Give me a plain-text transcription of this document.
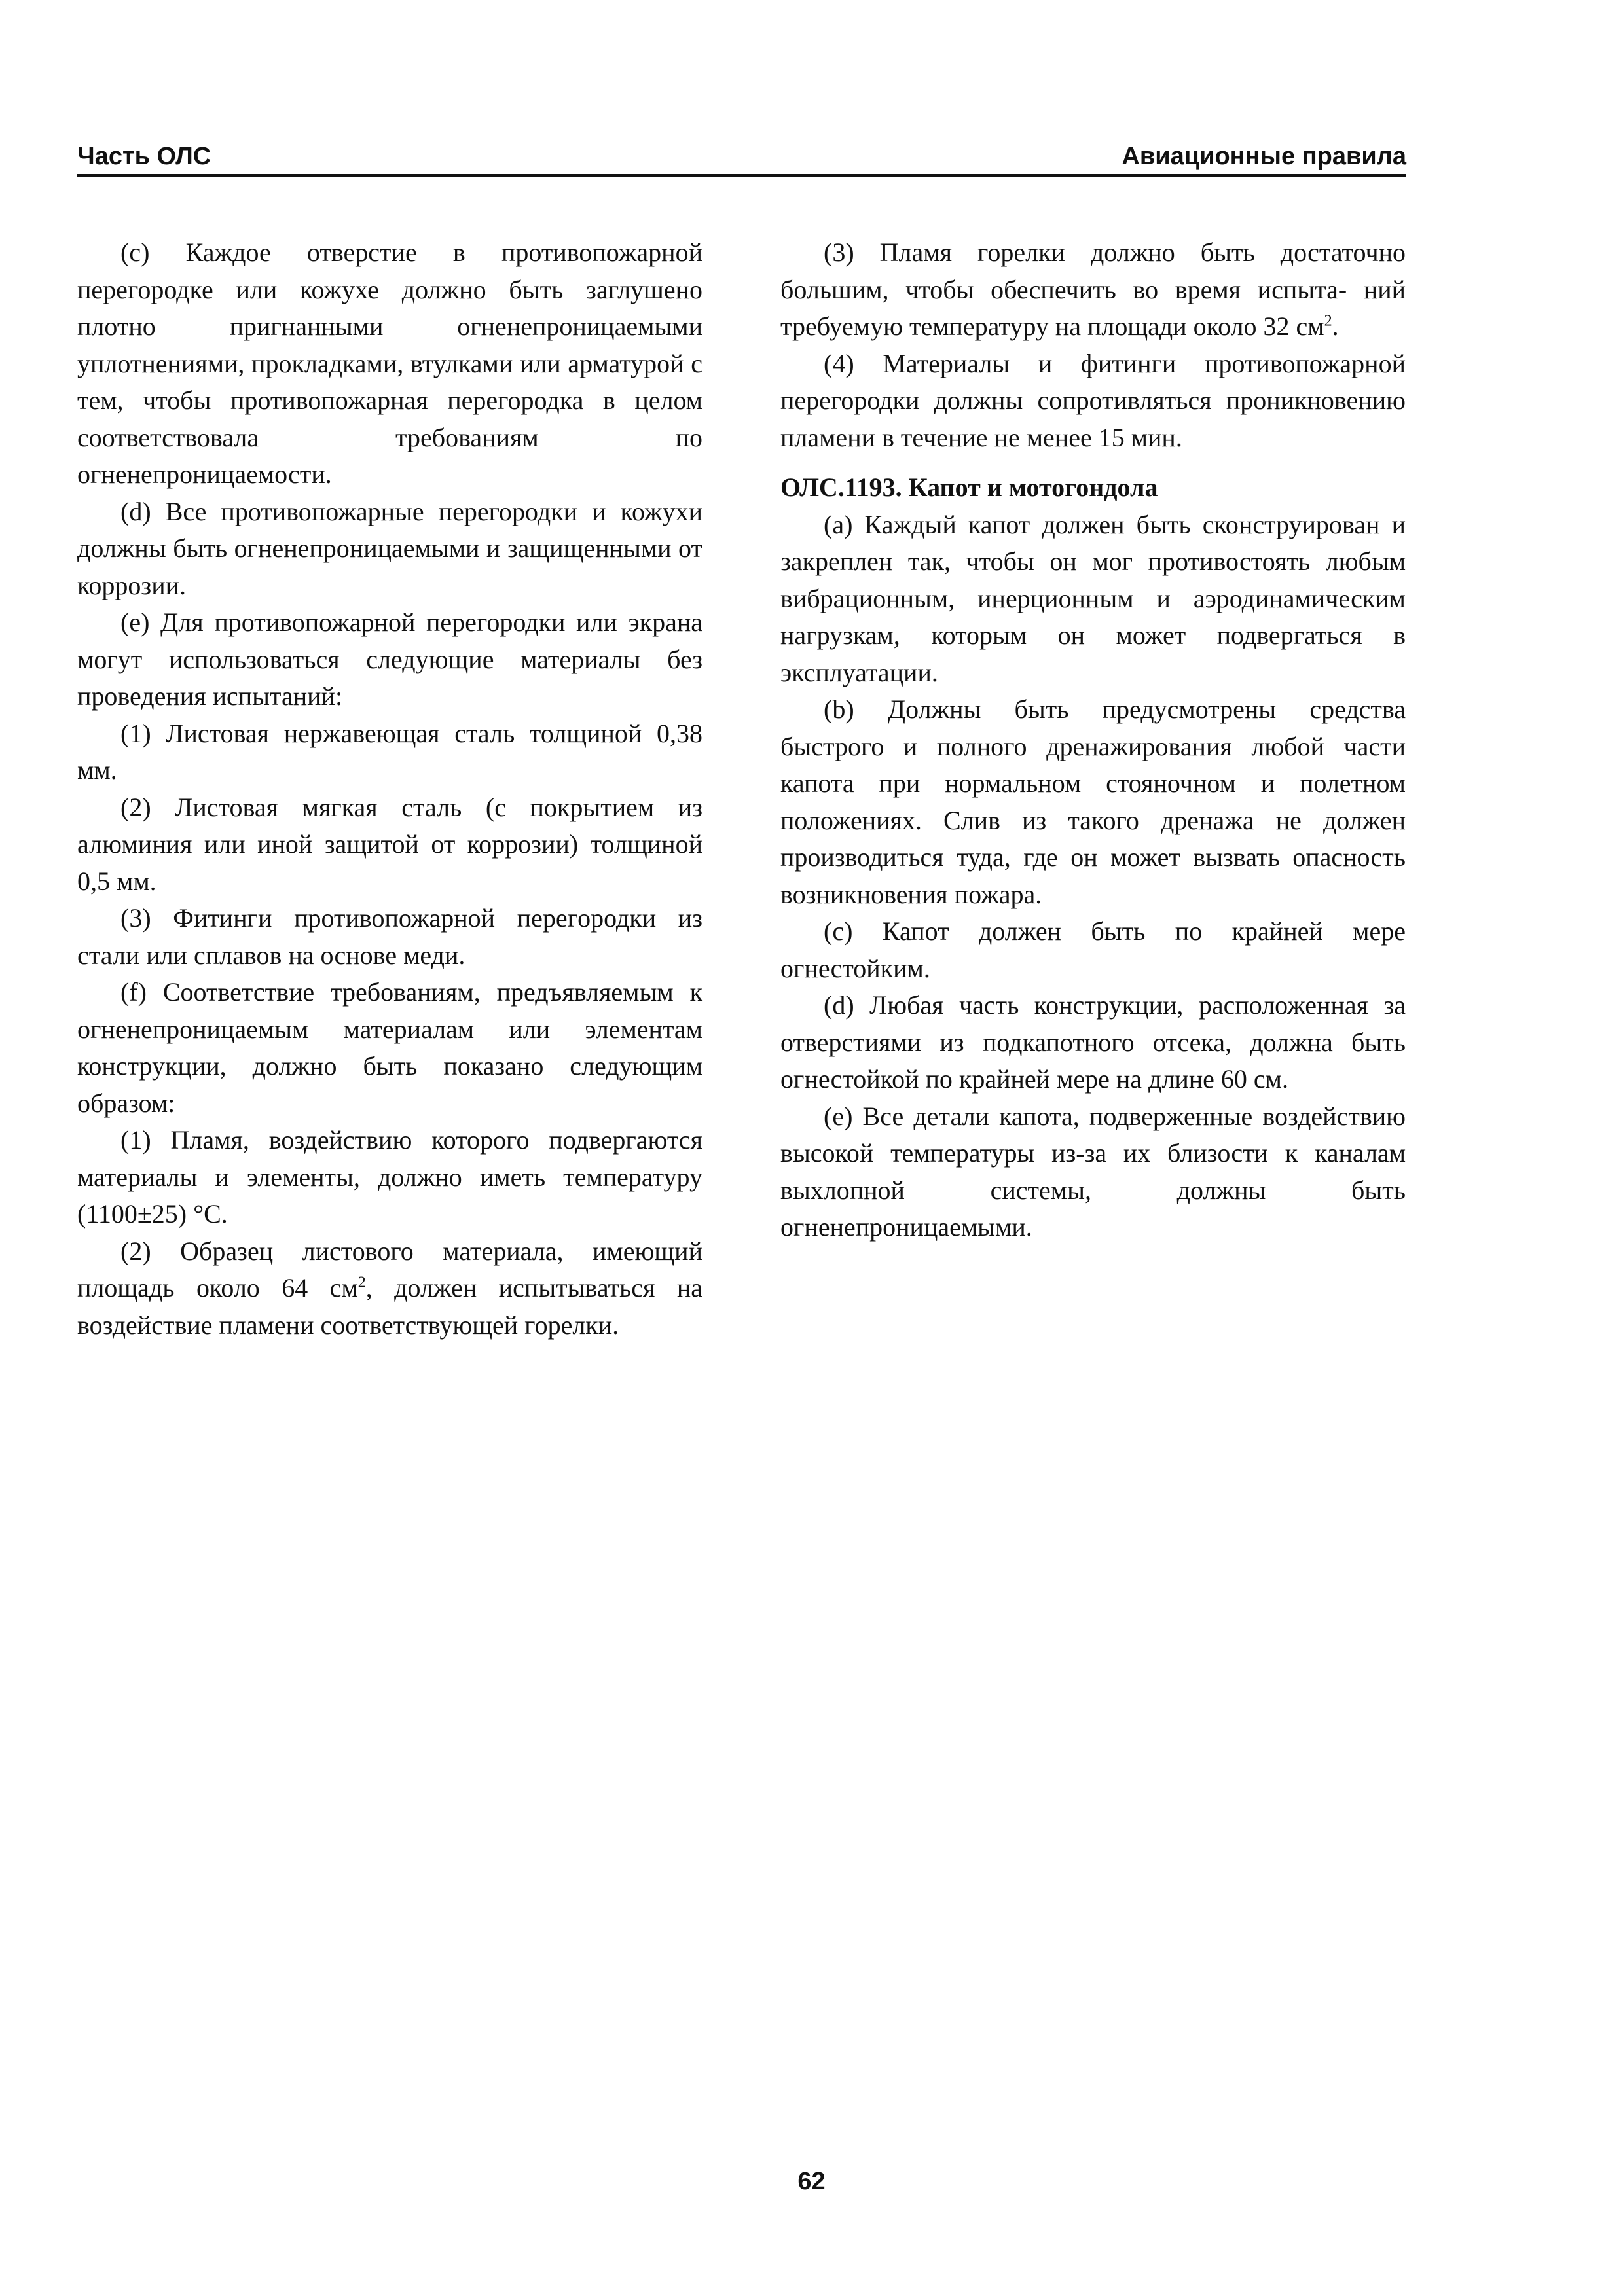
Часть ОЛС	Авиационные правила

(c) Каждое отверстие в противопожарной перегородке или кожухе должно быть заглушено плотно пригнанными огненепроницаемыми уплотнениями, прокладками, втулками или арматурой с тем, чтобы противопожарная перегородка в целом соответствовала требованиям по огненепроницаемости.

(d) Все противопожарные перегородки и кожухи должны быть огненепроницаемыми и защищенными от коррозии.

(e) Для противопожарной перегородки или экрана могут использоваться следующие материалы без проведения испытаний:

(1) Листовая нержавеющая сталь толщиной 0,38 мм.

(2) Листовая мягкая сталь (с покрытием из алюминия или иной защитой от коррозии) толщиной 0,5 мм.

(3) Фитинги противопожарной перегородки из стали или сплавов на основе меди.

(f) Соответствие требованиям, предъявляемым к огненепроницаемым материалам или элементам конструкции, должно быть показано следующим образом:

(1) Пламя, воздействию которого подвергаются материалы и элементы, должно иметь температуру (1100±25) °С.

(2) Образец листового материала, имеющий площадь около 64 $см^2$, должен испытываться на воздействие пламени соответствующей горелки.

(3) Пламя горелки должно быть достаточно большим, чтобы обеспечить во время испыта- ний требуемую температуру на площади около 32 $см^2$.

(4) Материалы и фитинги противопожарной перегородки должны сопротивляться проникновению пламени в течение не менее 15 мин.

ОЛС.1193. Капот и мотогондола

(a) Каждый капот должен быть сконструирован и закреплен так, чтобы он мог противостоять любым вибрационным, инерционным и аэродинамическим нагрузкам, которым он может подвергаться в эксплуатации.

(b) Должны быть предусмотрены средства быстрого и полного дренажирования любой части капота при нормальном стояночном и полетном положениях. Слив из такого дренажа не должен производиться туда, где он может вызвать опасность возникновения пожара.

(c) Капот должен быть по крайней мере огнестойким.

(d) Любая часть конструкции, расположенная за отверстиями из подкапотного отсека, должна быть огнестойкой по крайней мере на длине 60 см.

(e) Все детали капота, подверженные воздействию высокой температуры из-за их близости к каналам выхлопной системы, должны быть огненепроницаемыми.

62
